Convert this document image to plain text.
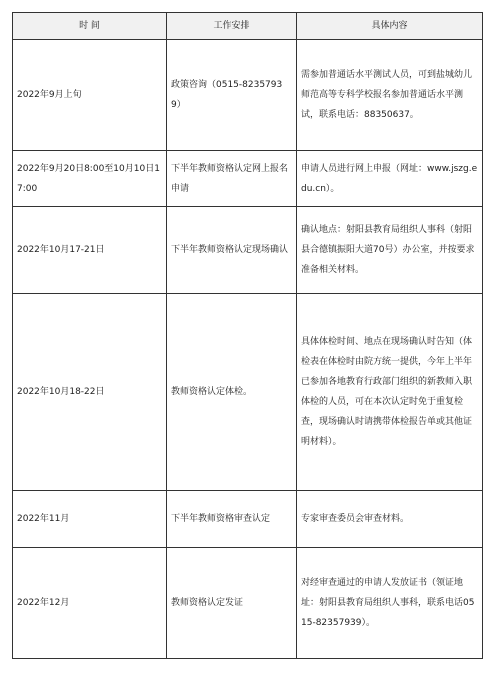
时 间	工作安排	具体内容
2022年9月上旬	政策咨询（0515-82357939）	需参加普通话水平测试人员，可到盐城幼儿师范高等专科学校报名参加普通话水平测试，联系电话：88350637。
2022年9月20日8:00至10月10日17:00	下半年教师资格认定网上报名申请	申请人员进行网上申报（网址：www.jszg.edu.cn）。
2022年10月17-21日	下半年教师资格认定现场确认	确认地点：射阳县教育局组织人事科（射阳县合德镇振阳大道70号）办公室，并按要求准备相关材料。
2022年10月18-22日	教师资格认定体检。	具体体检时间、地点在现场确认时告知（体检表在体检时由院方统一提供，今年上半年已参加各地教育行政部门组织的新教师入职体检的人员，可在本次认定时免于重复检查，现场确认时请携带体检报告单或其他证明材料）。
2022年11月	下半年教师资格审查认定	专家审查委员会审查材料。
2022年12月	教师资格认定发证	对经审查通过的申请人发放证书（领证地址：射阳县教育局组织人事科，联系电话0515-82357939）。
